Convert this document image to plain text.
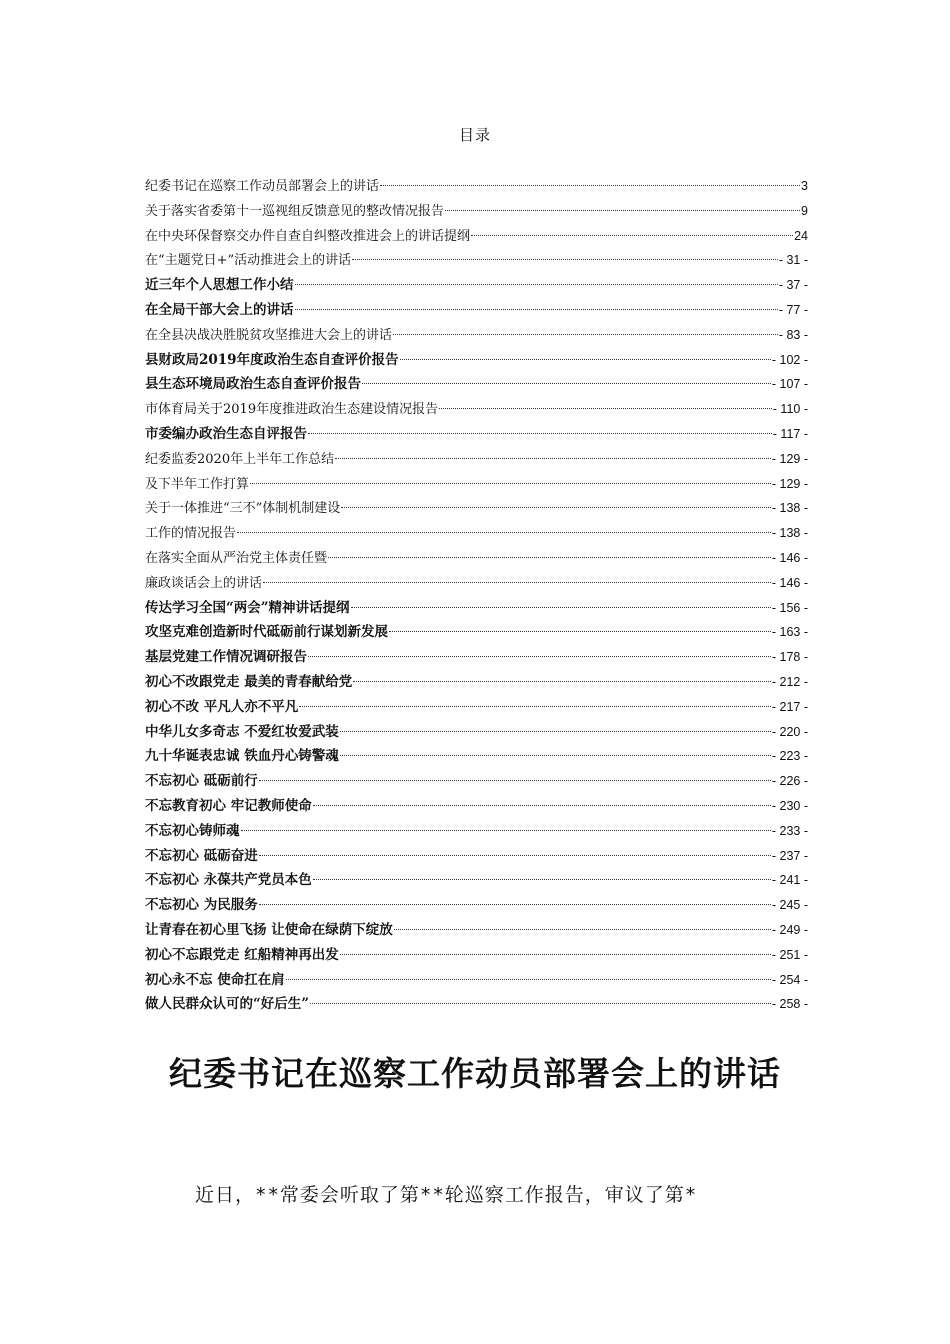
目录
纪委书记在巡察工作动员部署会上的讲话	3
关于落实省委第十一巡视组反馈意见的整改情况报告	9
在中央环保督察交办件自查自纠整改推进会上的讲话提纲	24
在“主题党日+”活动推进会上的讲话	- 31 -
近三年个人思想工作小结	- 37 -
在全局干部大会上的讲话	- 77 -
在全县决战决胜脱贫攻坚推进大会上的讲话	- 83 -
县财政局2019年度政治生态自查评价报告	- 102 -
县生态环境局政治生态自查评价报告	- 107 -
市体育局关于2019年度推进政治生态建设情况报告	- 110 -
市委编办政治生态自评报告	- 117 -
纪委监委2020年上半年工作总结	- 129 -
及下半年工作打算	- 129 -
关于一体推进“三不”体制机制建设	- 138 -
工作的情况报告	- 138 -
在落实全面从严治党主体责任暨	- 146 -
廉政谈话会上的讲话	- 146 -
传达学习全国“两会”精神讲话提纲	- 156 -
攻坚克难创造新时代砥砺前行谋划新发展	- 163 -
基层党建工作情况调研报告	- 178 -
初心不改跟党走 最美的青春献给党	- 212 -
初心不改 平凡人亦不平凡	- 217 -
中华儿女多奇志 不爱红妆爱武装	- 220 -
九十华诞表忠诚 铁血丹心铸警魂	- 223 -
不忘初心 砥砺前行	- 226 -
不忘教育初心 牢记教师使命	- 230 -
不忘初心铸师魂	- 233 -
不忘初心 砥砺奋进	- 237 -
不忘初心 永葆共产党员本色	- 241 -
不忘初心 为民服务	- 245 -
让青春在初心里飞扬 让使命在绿荫下绽放	- 249 -
初心不忘跟党走 红船精神再出发	- 251 -
初心永不忘 使命扛在肩	- 254 -
做人民群众认可的“好后生”	- 258 -
纪委书记在巡察工作动员部署会上的讲话

近日，**常委会听取了第**轮巡察工作报告，审议了第*
